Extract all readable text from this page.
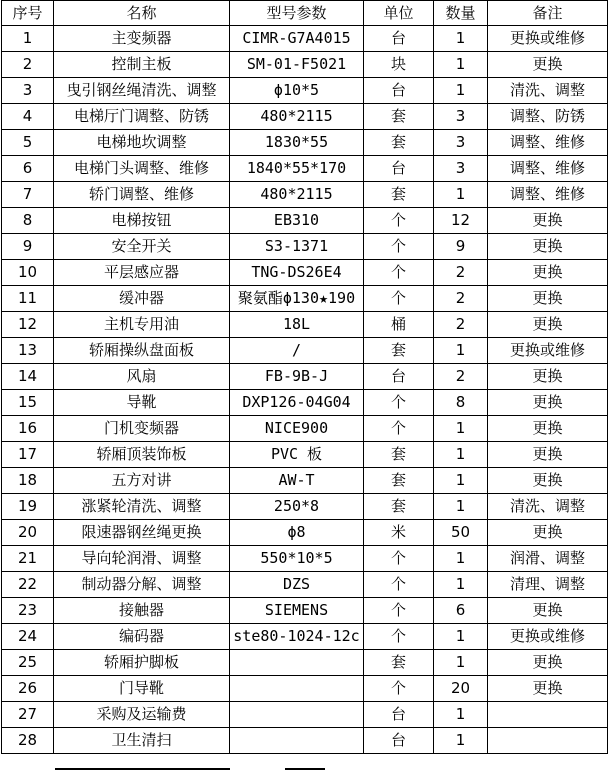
序号	名称	型号参数	单位	数量	备注
1	主变频器	CIMR-G7A4015	台	1	更换或维修
2	控制主板	SM-01-F5021	块	1	更换
3	曳引钢丝绳清洗、调整	ϕ10*5	台	1	清洗、调整
4	电梯厅门调整、防锈	480*2115	套	3	调整、防锈
5	电梯地坎调整	1830*55	套	3	调整、维修
6	电梯门头调整、维修	1840*55*170	台	3	调整、维修
7	轿门调整、维修	480*2115	套	1	调整、维修
8	电梯按钮	EB310	个	12	更换
9	安全开关	S3-1371	个	9	更换
10	平层感应器	TNG-DS26E4	个	2	更换
11	缓冲器	聚氨酯ϕ130★190	个	2	更换
12	主机专用油	18L	桶	2	更换
13	轿厢操纵盘面板	/	套	1	更换或维修
14	风扇	FB-9B-J	台	2	更换
15	导靴	DXP126-04G04	个	8	更换
16	门机变频器	NICE900	个	1	更换
17	轿厢顶装饰板	PVC 板	套	1	更换
18	五方对讲	AW-T	套	1	更换
19	涨紧轮清洗、调整	250*8	套	1	清洗、调整
20	限速器钢丝绳更换	ϕ8	米	50	更换
21	导向轮润滑、调整	550*10*5	个	1	润滑、调整
22	制动器分解、调整	DZS	个	1	清理、调整
23	接触器	SIEMENS	个	6	更换
24	编码器	ste80-1024-12c	个	1	更换或维修
25	轿厢护脚板		套	1	更换
26	门导靴		个	20	更换
27	采购及运输费		台	1	
28	卫生清扫		台	1	
